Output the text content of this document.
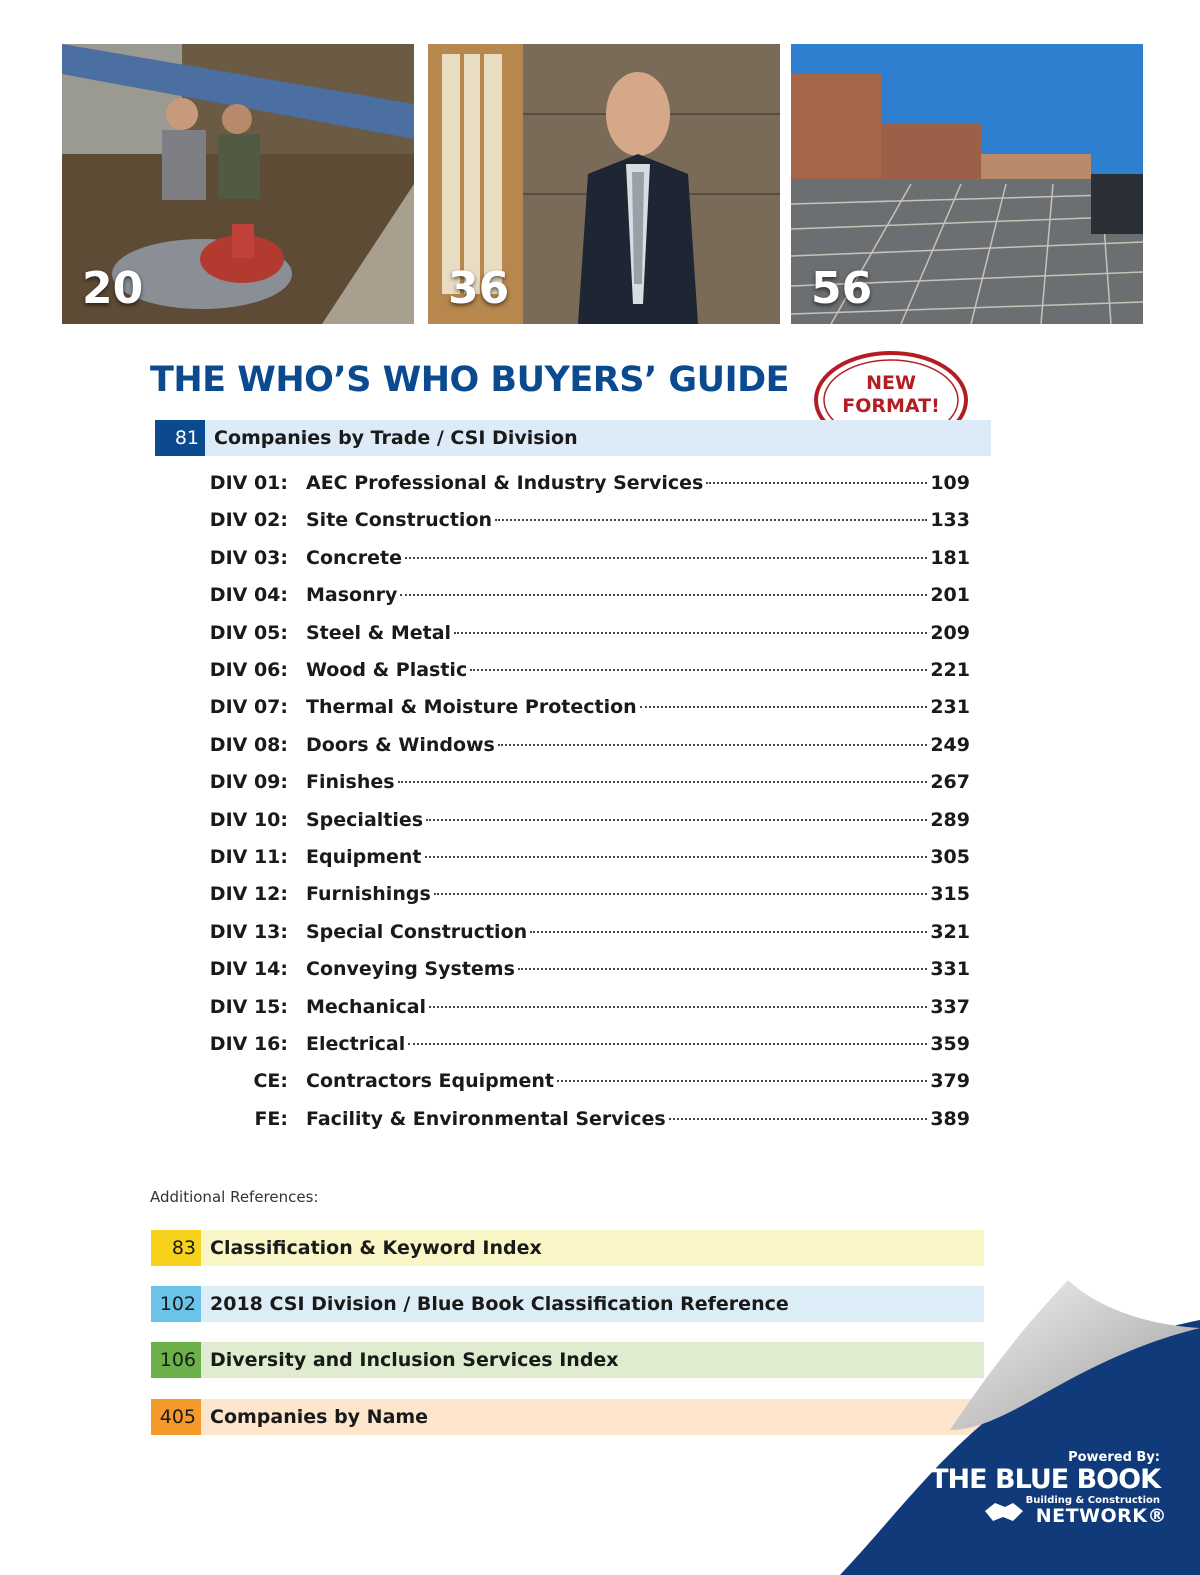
20	36	56
THE WHO’S WHO BUYERS’ GUIDE	NEW FORMAT!
81 Companies by Trade / CSI Division
DIV 01: AEC Professional & Industry Services	109
DIV 02: Site Construction	133
DIV 03: Concrete	181
DIV 04: Masonry	201
DIV 05: Steel & Metal	209
DIV 06: Wood & Plastic	221
DIV 07: Thermal & Moisture Protection	231
DIV 08: Doors & Windows	249
DIV 09: Finishes	267
DIV 10: Specialties	289
DIV 11: Equipment	305
DIV 12: Furnishings	315
DIV 13: Special Construction	321
DIV 14: Conveying Systems	331
DIV 15: Mechanical	337
DIV 16: Electrical	359
CE: Contractors Equipment	379
FE: Facility & Environmental Services	389
Additional References:
83 Classification & Keyword Index
102 2018 CSI Division / Blue Book Classification Reference
106 Diversity and Inclusion Services Index
405 Companies by Name
Powered By:
THE BLUE BOOK
Building & Construction
NETWORK®
